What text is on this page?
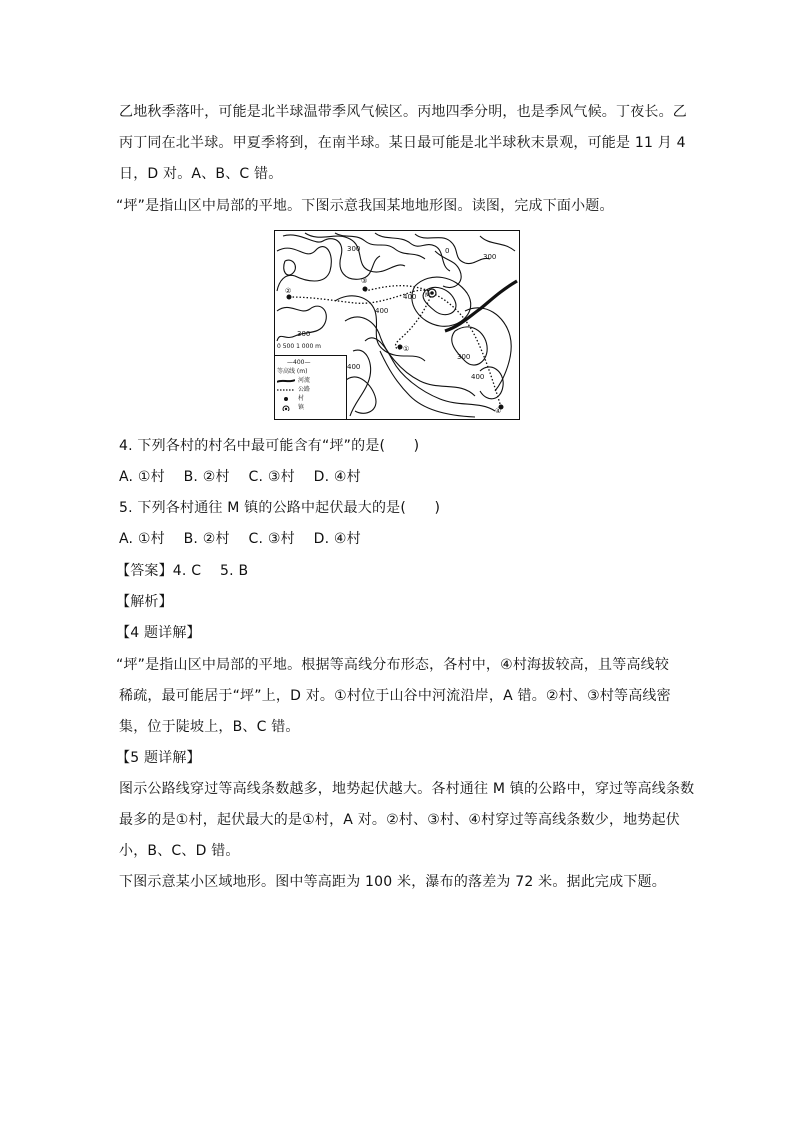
乙地秋季落叶，可能是北半球温带季风气候区。丙地四季分明，也是季风气候。丁夜长。乙
丙丁同在北半球。甲夏季将到，在南半球。某日最可能是北半球秋末景观，可能是 11 月 4
日，D 对。A、B、C 错。
“坪”是指山区中局部的平地。下图示意我国某地地形图。读图，完成下面小题。
300
400
0
300
400
300
400
300
400
②
③
①
④
M
0 500 1 000 m
—400—
等高线 (m)
河流
公路
村
镇
4. 下列各村的村名中最可能含有“坪”的是(　　)
A. ①村　 B. ②村　 C. ③村　 D. ④村
5. 下列各村通往 M 镇的公路中起伏最大的是(　　)
A. ①村　 B. ②村　 C. ③村　 D. ④村
【答案】4. C　 5. B
【解析】
【4 题详解】
“坪”是指山区中局部的平地。根据等高线分布形态，各村中，④村海拔较高，且等高线较
稀疏，最可能居于“坪”上，D 对。①村位于山谷中河流沿岸，A 错。②村、③村等高线密
集，位于陡坡上，B、C 错。
【5 题详解】
图示公路线穿过等高线条数越多，地势起伏越大。各村通往 M 镇的公路中，穿过等高线条数
最多的是①村，起伏最大的是①村，A 对。②村、③村、④村穿过等高线条数少，地势起伏
小，B、C、D 错。
下图示意某小区域地形。图中等高距为 100 米，瀑布的落差为 72 米。据此完成下题。
